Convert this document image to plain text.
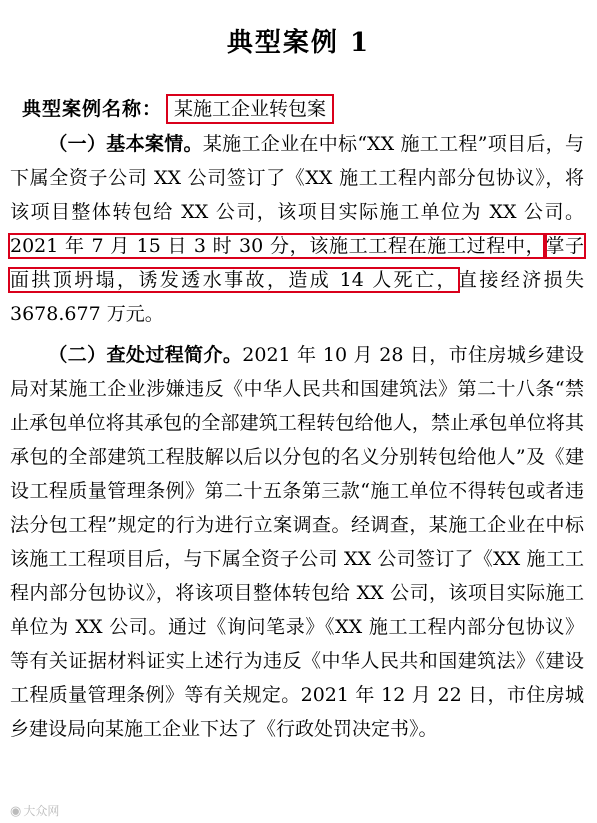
典型案例 1
典型案例名称： 某施工企业转包案
（一）基本案情。某施工企业在中标“XX 施工工程”项目后，与下属全资子公司 XX 公司签订了《XX 施工工程内部分包协议》，将该项目整体转包给 XX 公司，该项目实际施工单位为 XX 公司。2021 年 7 月 15 日 3 时 30 分，该施工工程在施工过程中，掌子面拱顶坍塌，诱发透水事故，造成 14 人死亡，直接经济损失 3678.677 万元。
（二）查处过程简介。2021 年 10 月 28 日，市住房城乡建设局对某施工企业涉嫌违反《中华人民共和国建筑法》第二十八条“禁止承包单位将其承包的全部建筑工程转包给他人，禁止承包单位将其承包的全部建筑工程肢解以后以分包的名义分别转包给他人”及《建设工程质量管理条例》第二十五条第三款“施工单位不得转包或者违法分包工程”规定的行为进行立案调查。经调查，某施工企业在中标该施工工程项目后，与下属全资子公司 XX 公司签订了《XX 施工工程内部分包协议》，将该项目整体转包给 XX 公司，该项目实际施工单位为 XX 公司。通过《询问笔录》《XX 施工工程内部分包协议》等有关证据材料证实上述行为违反《中华人民共和国建筑法》《建设工程质量管理条例》等有关规定。2021 年 12 月 22 日，市住房城乡建设局向某施工企业下达了《行政处罚决定书》。
◉ 大众网
